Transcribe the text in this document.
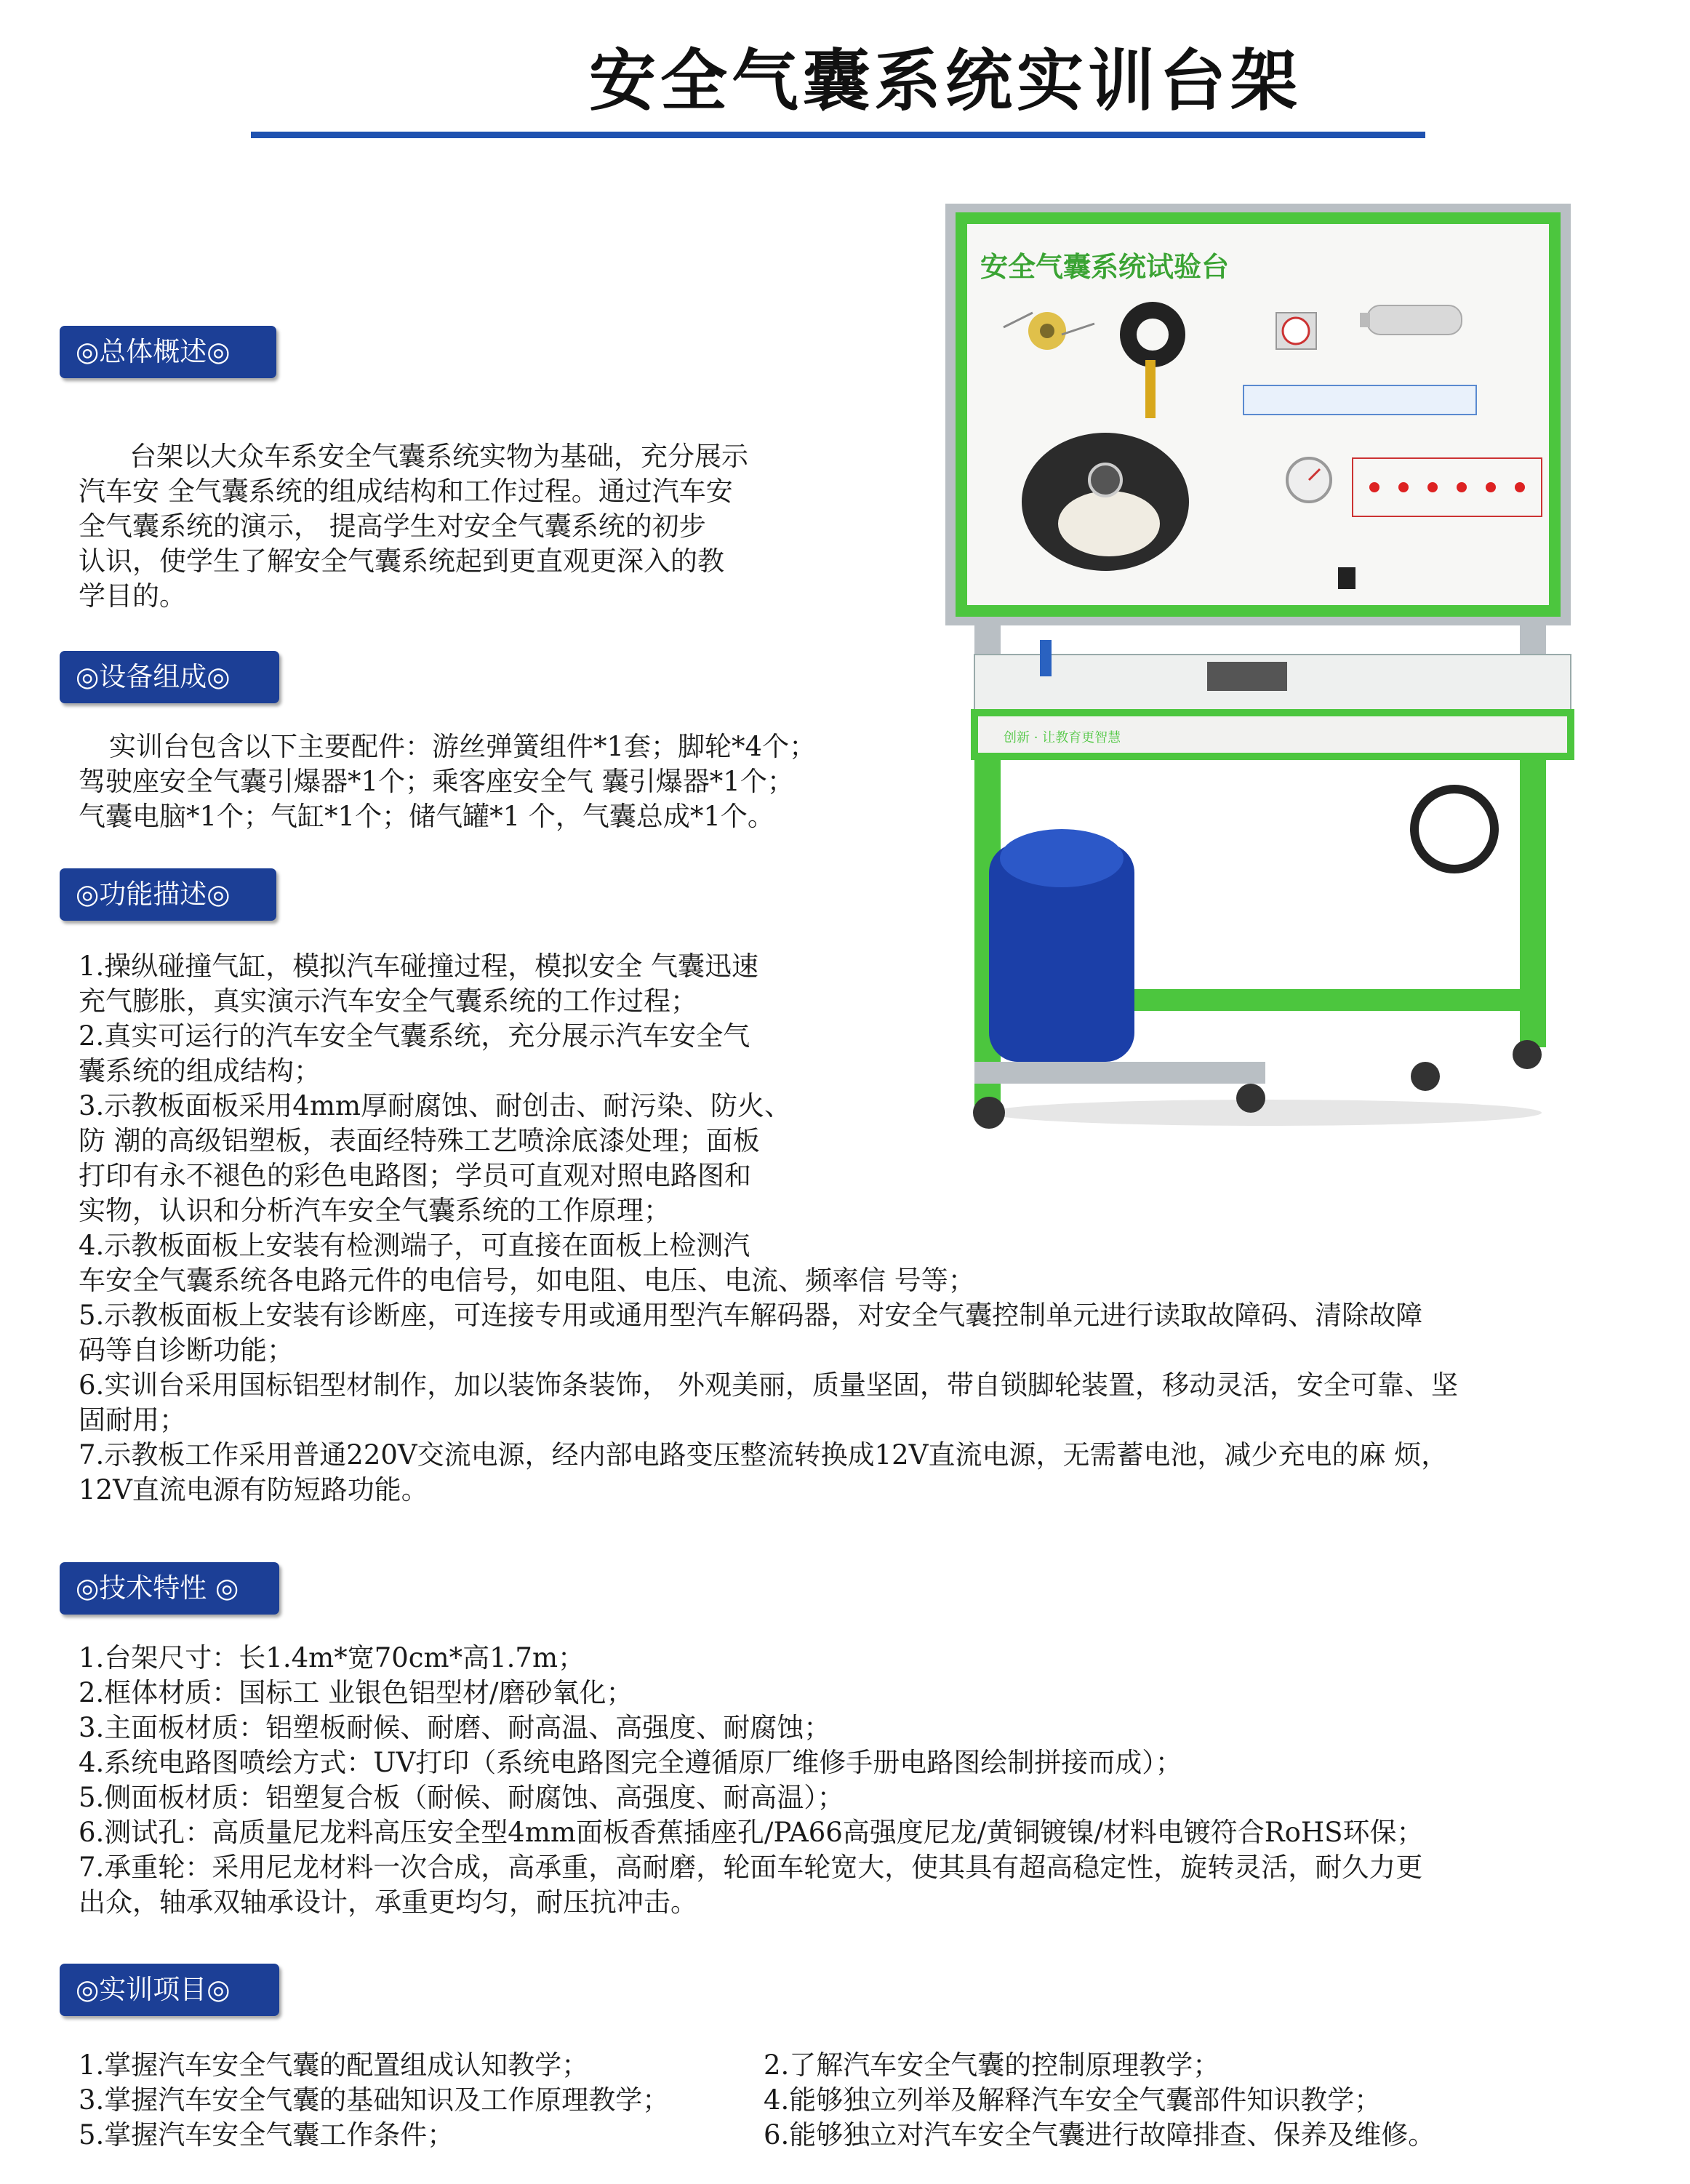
安全气囊系统实训台架
◎总体概述◎
台架以大众车系安全气囊系统实物为基础，充分展示
汽车安 全气囊系统的组成结构和工作过程。通过汽车安
全气囊系统的演示， 提高学生对安全气囊系统的初步
认识，使学生了解安全气囊系统起到更直观更深入的教
学目的。
◎设备组成◎
实训台包含以下主要配件：游丝弹簧组件*1套；脚轮*4个；
驾驶座安全气囊引爆器*1个；乘客座安全气 囊引爆器*1个；
气囊电脑*1个；气缸*1个；储气罐*1 个，气囊总成*1个。
◎功能描述◎
1.操纵碰撞气缸，模拟汽车碰撞过程，模拟安全 气囊迅速
充气膨胀，真实演示汽车安全气囊系统的工作过程；
2.真实可运行的汽车安全气囊系统，充分展示汽车安全气
囊系统的组成结构；
3.示教板面板采用4mm厚耐腐蚀、耐创击、耐污染、防火、
防 潮的高级铝塑板，表面经特殊工艺喷涂底漆处理；面板
打印有永不褪色的彩色电路图；学员可直观对照电路图和
实物，认识和分析汽车安全气囊系统的工作原理；
4.示教板面板上安装有检测端子，可直接在面板上检测汽
车安全气囊系统各电路元件的电信号，如电阻、电压、电流、频率信 号等；
5.示教板面板上安装有诊断座，可连接专用或通用型汽车解码器，对安全气囊控制单元进行读取故障码、清除故障
码等自诊断功能；
6.实训台采用国标铝型材制作，加以装饰条装饰， 外观美丽，质量坚固，带自锁脚轮装置，移动灵活，安全可靠、坚
固耐用；
7.示教板工作采用普通220V交流电源，经内部电路变压整流转换成12V直流电源，无需蓄电池，减少充电的麻 烦，
12V直流电源有防短路功能。
◎技术特性 ◎
1.台架尺寸：长1.4m*宽70cm*高1.7m；
2.框体材质：国标工 业银色铝型材/磨砂氧化；
3.主面板材质：铝塑板耐候、耐磨、耐高温、高强度、耐腐蚀；
4.系统电路图喷绘方式：UV打印（系统电路图完全遵循原厂维修手册电路图绘制拼接而成）；
5.侧面板材质：铝塑复合板（耐候、耐腐蚀、高强度、耐高温）；
6.测试孔：高质量尼龙料高压安全型4mm面板香蕉插座孔/PA66高强度尼龙/黄铜镀镍/材料电镀符合RoHS环保；
7.承重轮：采用尼龙材料一次合成，高承重，高耐磨，轮面车轮宽大，使其具有超高稳定性，旋转灵活，耐久力更
出众，轴承双轴承设计，承重更均匀，耐压抗冲击。
◎实训项目◎
1.掌握汽车安全气囊的配置组成认知教学；
3.掌握汽车安全气囊的基础知识及工作原理教学；
5.掌握汽车安全气囊工作条件；
2.了解汽车安全气囊的控制原理教学；
4.能够独立列举及解释汽车安全气囊部件知识教学；
6.能够独立对汽车安全气囊进行故障排查、保养及维修。
安全气囊系统试验台
创新 · 让教育更智慧
